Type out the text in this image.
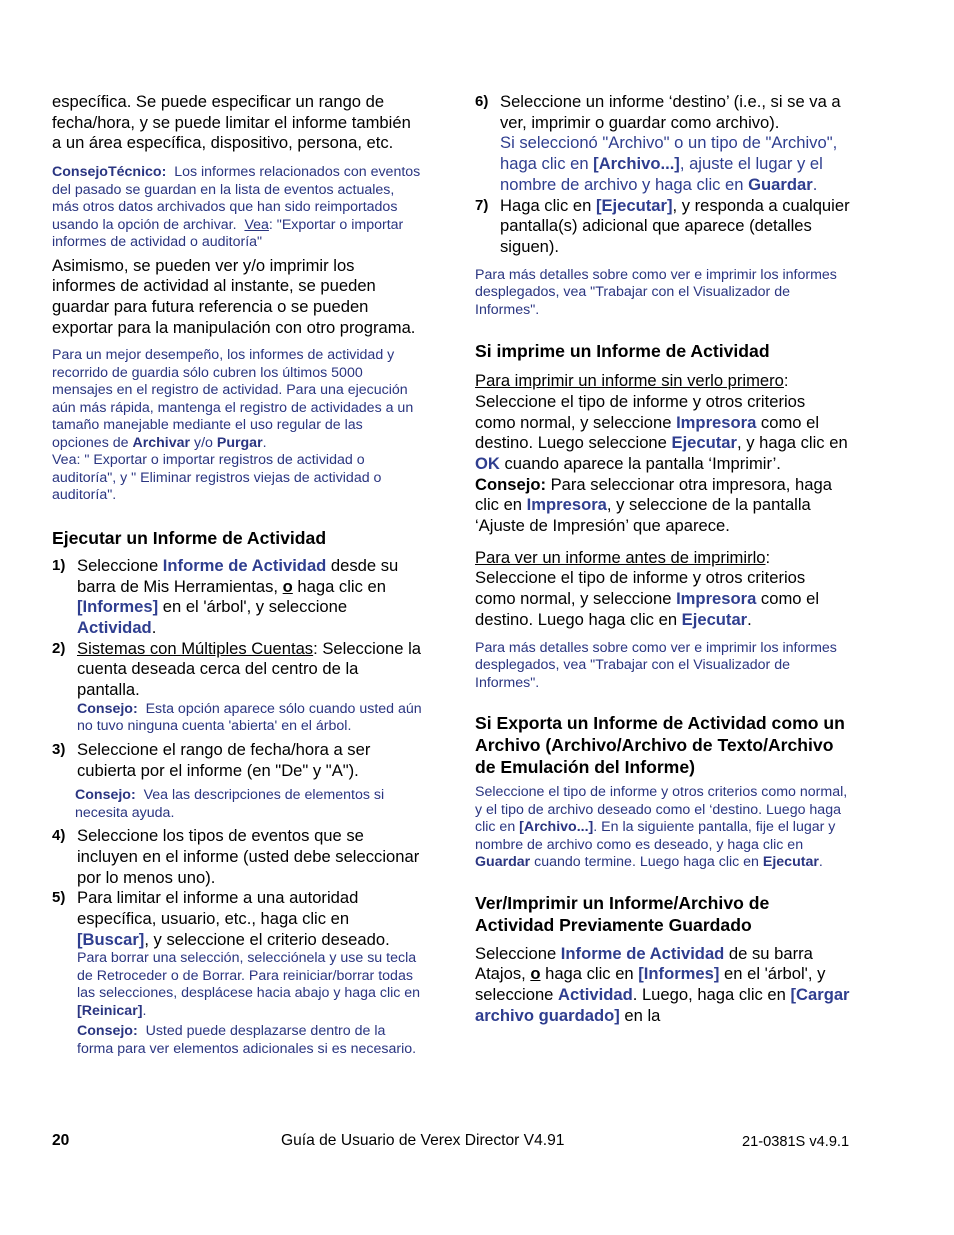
específica. Se puede especificar un rango de fecha/hora, y se puede limitar el informe también a un área específica, dispositivo, persona, etc.

ConsejoTécnico: Los informes relacionados con eventos del pasado se guardan en la lista de eventos actuales, más otros datos archivados que han sido reimportados usando la opción de archivar. Vea: "Exportar o importar informes de actividad o auditoría"

Asimismo, se pueden ver y/o imprimir los informes de actividad al instante, se pueden guardar para futura referencia o se pueden exportar para la manipulación con otro programa.

Para un mejor desempeño, los informes de actividad y recorrido de guardia sólo cubren los últimos 5000 mensajes en el registro de actividad. Para una ejecución aún más rápida, mantenga el registro de actividades a un tamaño manejable mediante el uso regular de las opciones de Archivar y/o Purgar.
Vea: " Exportar o importar registros de actividad o auditoría", y " Eliminar registros viejas de actividad o auditoría".

Ejecutar un Informe de Actividad
1) Seleccione Informe de Actividad desde su barra de Mis Herramientas, o haga clic en [Informes] en el 'árbol', y seleccione Actividad.
2) Sistemas con Múltiples Cuentas: Seleccione la cuenta deseada cerca del centro de la pantalla.

Consejo: Esta opción aparece sólo cuando usted aún no tuvo ninguna cuenta 'abierta' en el árbol.

3) Seleccione el rango de fecha/hora a ser cubierta por el informe (en "De" y "A").

Consejo: Vea las descripciones de elementos si necesita ayuda.

4) Seleccione los tipos de eventos que se incluyen en el informe (usted debe seleccionar por lo menos uno).
5) Para limitar el informe a una autoridad específica, usuario, etc., haga clic en [Buscar], y seleccione el criterio deseado.

Para borrar una selección, selecciónela y use su tecla de Retroceder o de Borrar. Para reiniciar/borrar todas las selecciones, desplácese hacia abajo y haga clic en [Reinicar].

Consejo: Usted puede desplazarse dentro de la forma para ver elementos adicionales si es necesario.

6) Seleccione un informe ‘destino’ (i.e., si se va a ver, imprimir o guardar como archivo).

Si seleccionó "Archivo" o un tipo de "Archivo", haga clic en [Archivo...], ajuste el lugar y el nombre de archivo y haga clic en Guardar.

7) Haga clic en [Ejecutar], y responda a cualquier pantalla(s) adicional que aparece (detalles siguen).

Para más detalles sobre como ver e imprimir los informes desplegados, vea "Trabajar con el Visualizador de Informes".

Si imprime un Informe de Actividad

Para imprimir un informe sin verlo primero: Seleccione el tipo de informe y otros criterios como normal, y seleccione Impresora como el destino. Luego seleccione Ejecutar, y haga clic en OK cuando aparece la pantalla ‘Imprimir’.
Consejo: Para seleccionar otra impresora, haga clic en Impresora, y seleccione de la pantalla ‘Ajuste de Impresión’ que aparece.

Para ver un informe antes de imprimirlo: Seleccione el tipo de informe y otros criterios como normal, y seleccione Impresora como el destino. Luego haga clic en Ejecutar.

Para más detalles sobre como ver e imprimir los informes desplegados, vea "Trabajar con el Visualizador de Informes".

Si Exporta un Informe de Actividad como un Archivo (Archivo/Archivo de Texto/Archivo de Emulación del Informe)

Seleccione el tipo de informe y otros criterios como normal, y el tipo de archivo deseado como el ‘destino. Luego haga clic en [Archivo...]. En la siguiente pantalla, fije el lugar y nombre de archivo como es deseado, y haga clic en Guardar cuando termine. Luego haga clic en Ejecutar.

Ver/Imprimir un Informe/Archivo de Actividad Previamente Guardado

Seleccione Informe de Actividad de su barra Atajos, o haga clic en [Informes] en el 'árbol', y seleccione Actividad. Luego, haga clic en [Cargar archivo guardado] en la

20	Guía de Usuario de Verex Director V4.91	21-0381S v4.9.1
